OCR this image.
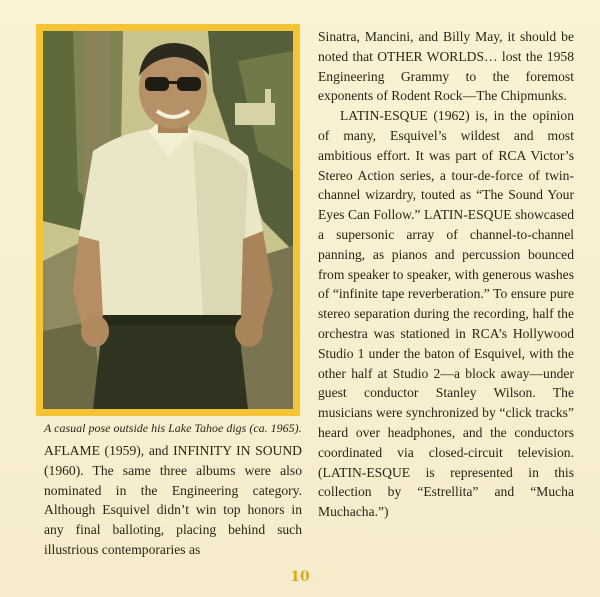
A casual pose outside his Lake Tahoe digs (ca. 1965).

AFLAME (1959), and INFINITY IN SOUND (1960). The same three albums were also nominated in the Engineering category. Although Esquivel didn’t win top honors in any final balloting, placing behind such illustrious contemporaries as

Sinatra, Mancini, and Billy May, it should be noted that OTHER WORLDS… lost the 1958 Engineering Grammy to the foremost exponents of Rodent Rock—The Chipmunks.

LATIN-ESQUE (1962) is, in the opinion of many, Esquivel’s wildest and most ambitious effort. It was part of RCA Victor’s Stereo Action series, a tour-de-force of twin-channel wizardry, touted as “The Sound Your Eyes Can Follow.” LATIN-ESQUE showcased a supersonic array of channel-to-channel panning, as pianos and percussion bounced from speaker to speaker, with generous washes of “infinite tape reverberation.” To ensure pure stereo separation during the recording, half the orchestra was stationed in RCA’s Hollywood Studio 1 under the baton of Esquivel, with the other half at Studio 2—a block away—under guest conductor Stanley Wilson. The musicians were synchronized by “click tracks” heard over headphones, and the conductors coordinated via closed-circuit television. (LATIN-ESQUE is represented in this collection by “Estrellita” and “Mucha Muchacha.”)

10
